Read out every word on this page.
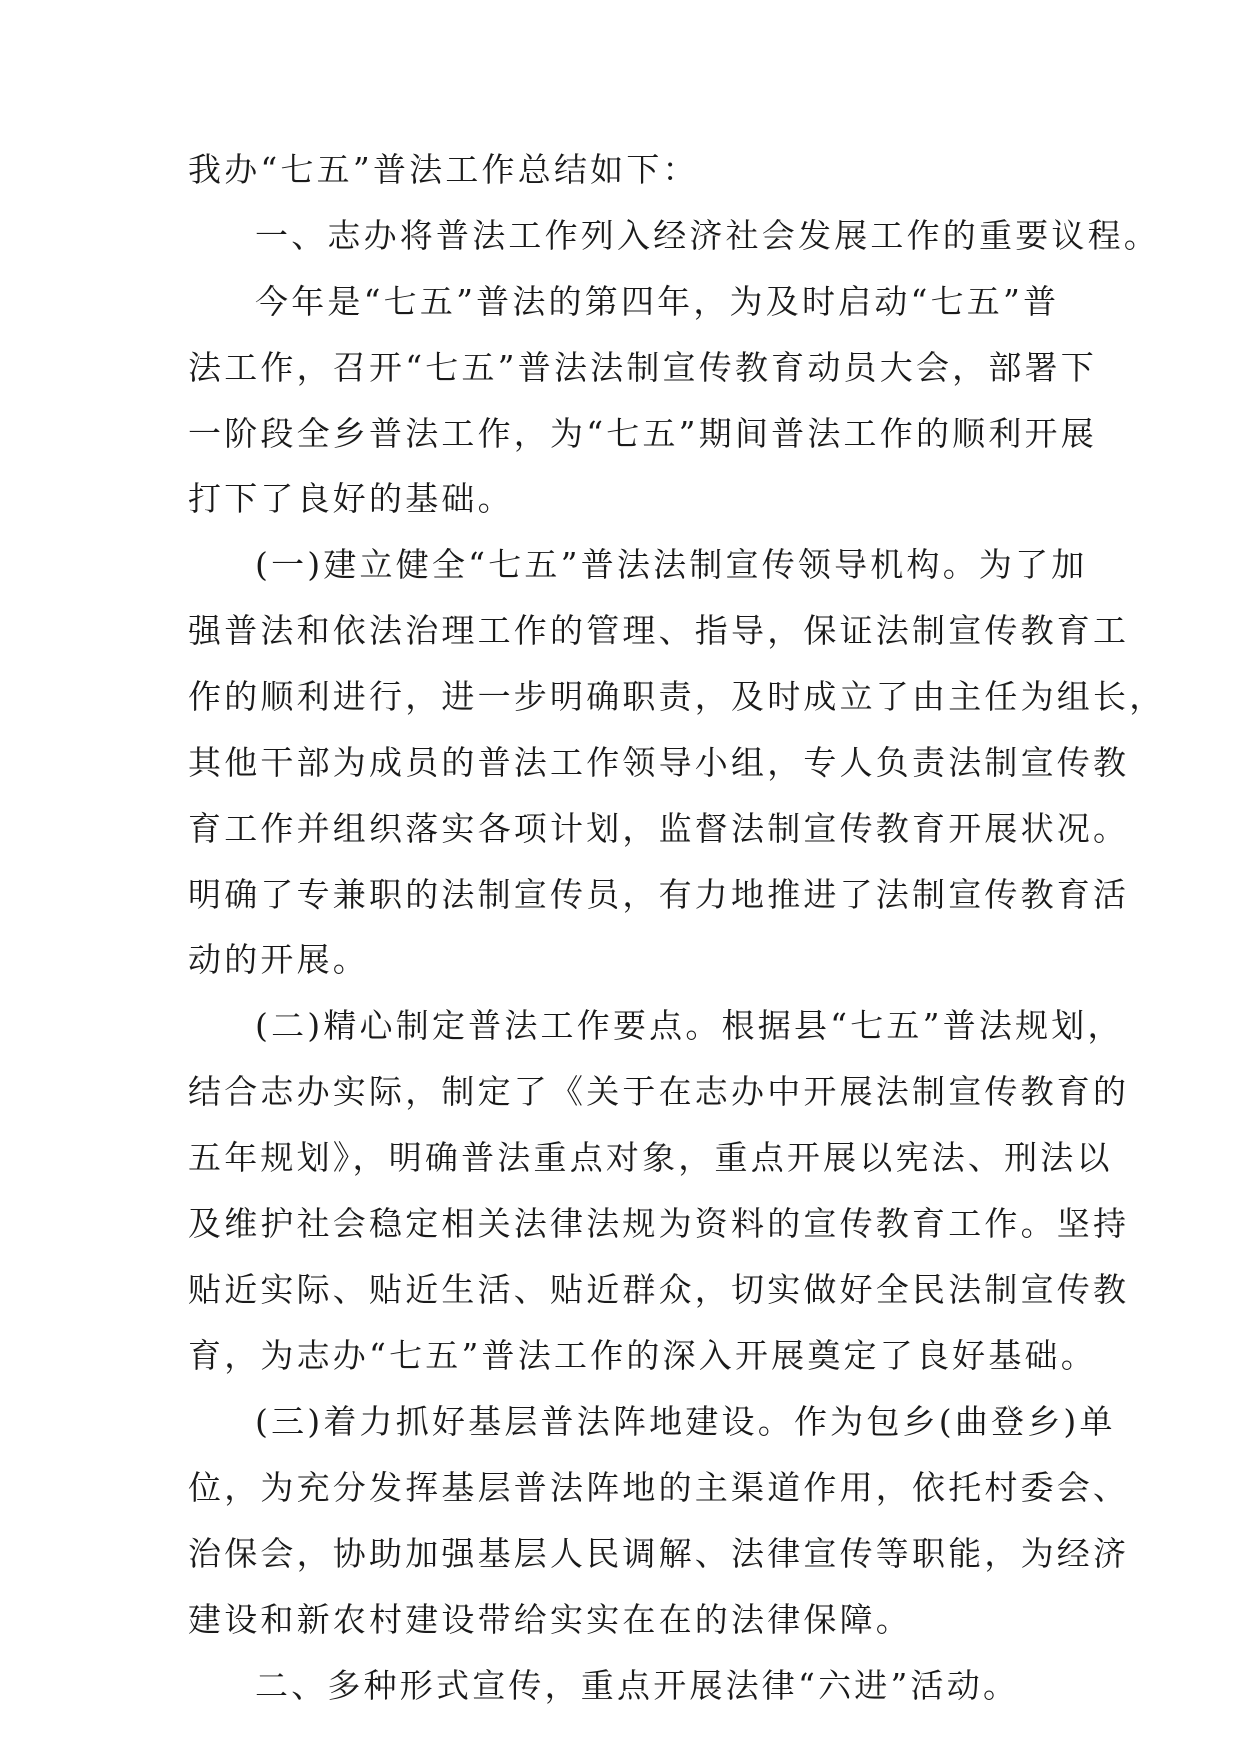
我办“七五”普法工作总结如下：
一、志办将普法工作列入经济社会发展工作的重要议程。
今年是“七五”普法的第四年，为及时启动“七五”普
法工作，召开“七五”普法法制宣传教育动员大会，部署下
一阶段全乡普法工作，为“七五”期间普法工作的顺利开展
打下了良好的基础。
(一)建立健全“七五”普法法制宣传领导机构。为了加
强普法和依法治理工作的管理、指导，保证法制宣传教育工
作的顺利进行，进一步明确职责，及时成立了由主任为组长，
其他干部为成员的普法工作领导小组，专人负责法制宣传教
育工作并组织落实各项计划，监督法制宣传教育开展状况。
明确了专兼职的法制宣传员，有力地推进了法制宣传教育活
动的开展。
(二)精心制定普法工作要点。根据县“七五”普法规划，
结合志办实际，制定了《关于在志办中开展法制宣传教育的
五年规划》，明确普法重点对象，重点开展以宪法、刑法以
及维护社会稳定相关法律法规为资料的宣传教育工作。坚持
贴近实际、贴近生活、贴近群众，切实做好全民法制宣传教
育，为志办“七五”普法工作的深入开展奠定了良好基础。
(三)着力抓好基层普法阵地建设。作为包乡(曲登乡)单
位，为充分发挥基层普法阵地的主渠道作用，依托村委会、
治保会，协助加强基层人民调解、法律宣传等职能，为经济
建设和新农村建设带给实实在在的法律保障。
二、多种形式宣传，重点开展法律“六进”活动。
